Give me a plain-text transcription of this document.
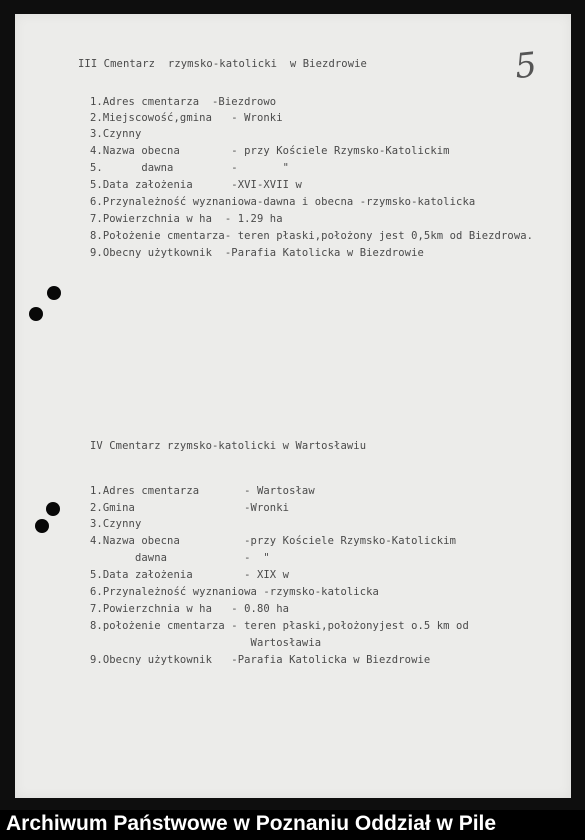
5
III Cmentarz  rzymsko-katolicki  w Biezdrowie
1.Adres cmentarza  -Biezdrowo
2.Miejscowość,gmina   - Wronki
3.Czynny
4.Nazwa obecna        - przy Kościele Rzymsko-Katolickim
5.      dawna         -       "
5.Data założenia      -XVI-XVII w
6.Przynależność wyznaniowa-dawna i obecna -rzymsko-katolicka
7.Powierzchnia w ha  - 1.29 ha
8.Położenie cmentarza- teren płaski,położony jest 0,5km od Biezdrowa.
9.Obecny użytkownik  -Parafia Katolicka w Biezdrowie
IV Cmentarz rzymsko-katolicki w Wartosławiu
1.Adres cmentarza       - Wartosław
2.Gmina                 -Wronki
3.Czynny
4.Nazwa obecna          -przy Kościele Rzymsko-Katolickim
dawna            -  "
5.Data założenia        - XIX w
6.Przynależność wyznaniowa -rzymsko-katolicka
7.Powierzchnia w ha   - 0.80 ha
8.położenie cmentarza - teren płaski,położonyjest o.5 km od
Wartosławia
9.Obecny użytkownik   -Parafia Katolicka w Biezdrowie
Archiwum Państwowe w Poznaniu Oddział w Pile
